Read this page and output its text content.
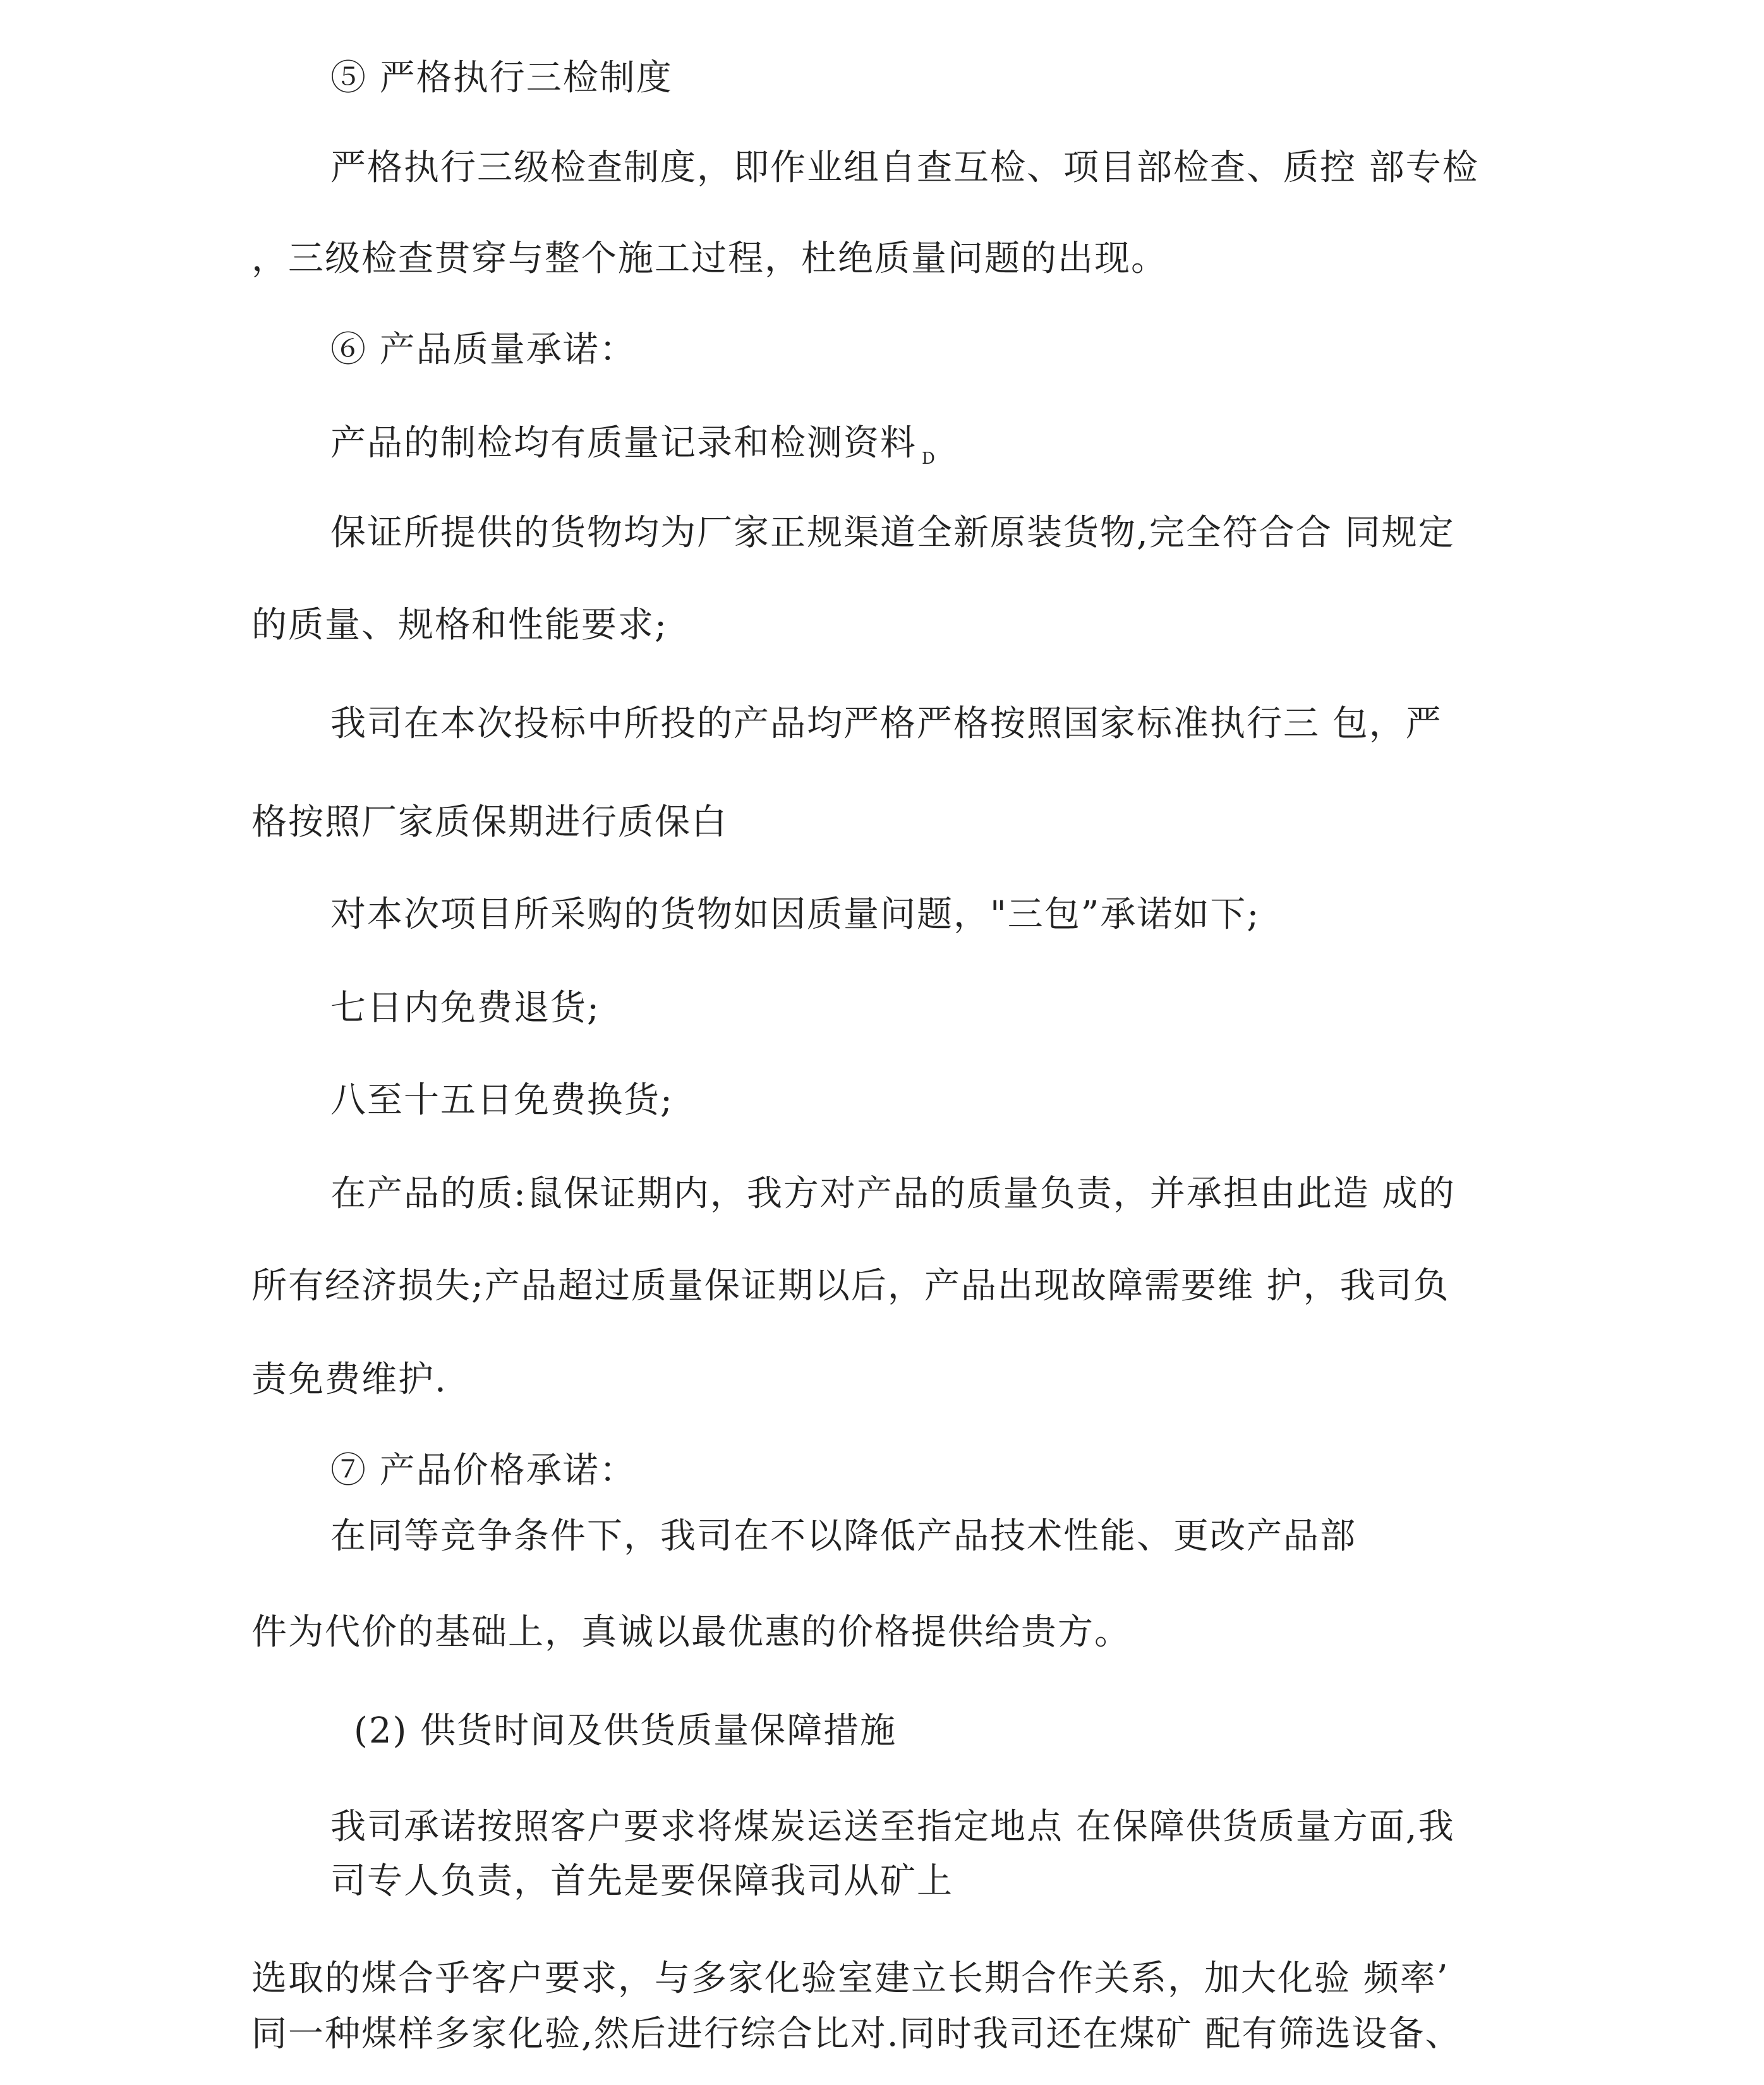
⑤ 严格执行三检制度
严格执行三级检查制度，即作业组自查互检、项目部检查、质控 部专检
，三级检查贯穿与整个施工过程，杜绝质量问题的出现。
⑥ 产品质量承诺：
产品的制检均有质量记录和检测资料 $_D$
保证所提供的货物均为厂家正规渠道全新原装货物,完全符合合 同规定
的质量、规格和性能要求;
我司在本次投标中所投的产品均严格严格按照国家标准执行三 包，严
格按照厂家质保期进行质保白
对本次项目所采购的货物如因质量问题，"三包”承诺如下;
七日内免费退货;
八至十五日免费换货;
在产品的质:鼠保证期内，我方对产品的质量负责，并承担由此造 成的
所有经济损失;产品超过质量保证期以后，产品出现故障需要维 护，我司负
责免费维护.
⑦ 产品价格承诺：
在同等竞争条件下，我司在不以降低产品技术性能、更改产品部
件为代价的基础上，真诚以最优惠的价格提供给贵方。
(2) 供货时间及供货质量保障措施
我司承诺按照客户要求将煤炭运送至指定地点 在保障供货质量方面,我
司专人负责，首先是要保障我司从矿上
选取的煤合乎客户要求，与多家化验室建立长期合作关系，加大化验 频率’
同一种煤样多家化验,然后进行综合比对.同时我司还在煤矿 配有筛选设备、
